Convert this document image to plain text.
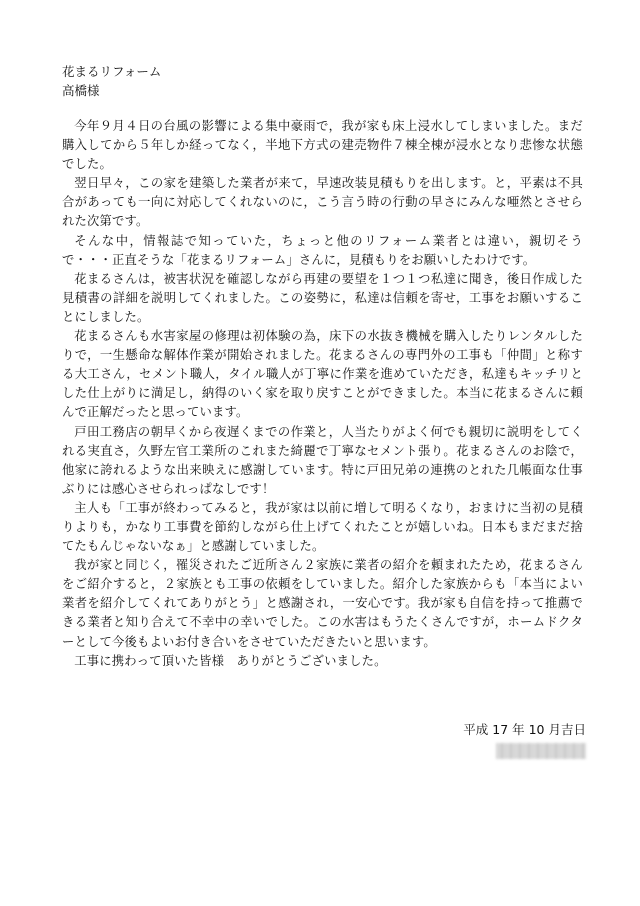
花まるリフォーム
高橋様

今年９月４日の台風の影響による集中豪雨で，我が家も床上浸水してしまいました。まだ購入してから５年しか経ってなく，半地下方式の建売物件７棟全棟が浸水となり悲惨な状態でした。

翌日早々，この家を建築した業者が来て，早速改装見積もりを出します。と，平素は不具合があっても一向に対応してくれないのに，こう言う時の行動の早さにみんな唖然とさせられた次第です。

そんな中，情報誌で知っていた，ちょっと他のリフォーム業者とは違い，親切そうで・・・正直そうな「花まるリフォーム」さんに，見積もりをお願いしたわけです。

花まるさんは，被害状況を確認しながら再建の要望を１つ１つ私達に聞き，後日作成した見積書の詳細を説明してくれました。この姿勢に，私達は信頼を寄せ，工事をお願いすることにしました。

花まるさんも水害家屋の修理は初体験の為，床下の水抜き機械を購入したりレンタルしたりで，一生懸命な解体作業が開始されました。花まるさんの専門外の工事も「仲間」と称する大工さん，セメント職人，タイル職人が丁寧に作業を進めていただき，私達もキッチリとした仕上がりに満足し，納得のいく家を取り戻すことができました。本当に花まるさんに頼んで正解だったと思っています。

戸田工務店の朝早くから夜遅くまでの作業と，人当たりがよく何でも親切に説明をしてくれる実直さ，久野左官工業所のこれまた綺麗で丁寧なセメント張り。花まるさんのお陰で，他家に誇れるような出来映えに感謝しています。特に戸田兄弟の連携のとれた几帳面な仕事ぶりには感心させられっぱなしです！

主人も「工事が終わってみると，我が家は以前に増して明るくなり，おまけに当初の見積りよりも，かなり工事費を節約しながら仕上げてくれたことが嬉しいね。日本もまだまだ捨てたもんじゃないなぁ」と感謝していました。

我が家と同じく，罹災されたご近所さん２家族に業者の紹介を頼まれたため，花まるさんをご紹介すると，２家族とも工事の依頼をしていました。紹介した家族からも「本当によい業者を紹介してくれてありがとう」と感謝され，一安心です。我が家も自信を持って推薦できる業者と知り合えて不幸中の幸いでした。この水害はもうたくさんですが，ホームドクターとして今後もよいお付き合いをさせていただきたいと思います。

工事に携わって頂いた皆様　ありがとうございました。

平成 17 年 10 月吉日
